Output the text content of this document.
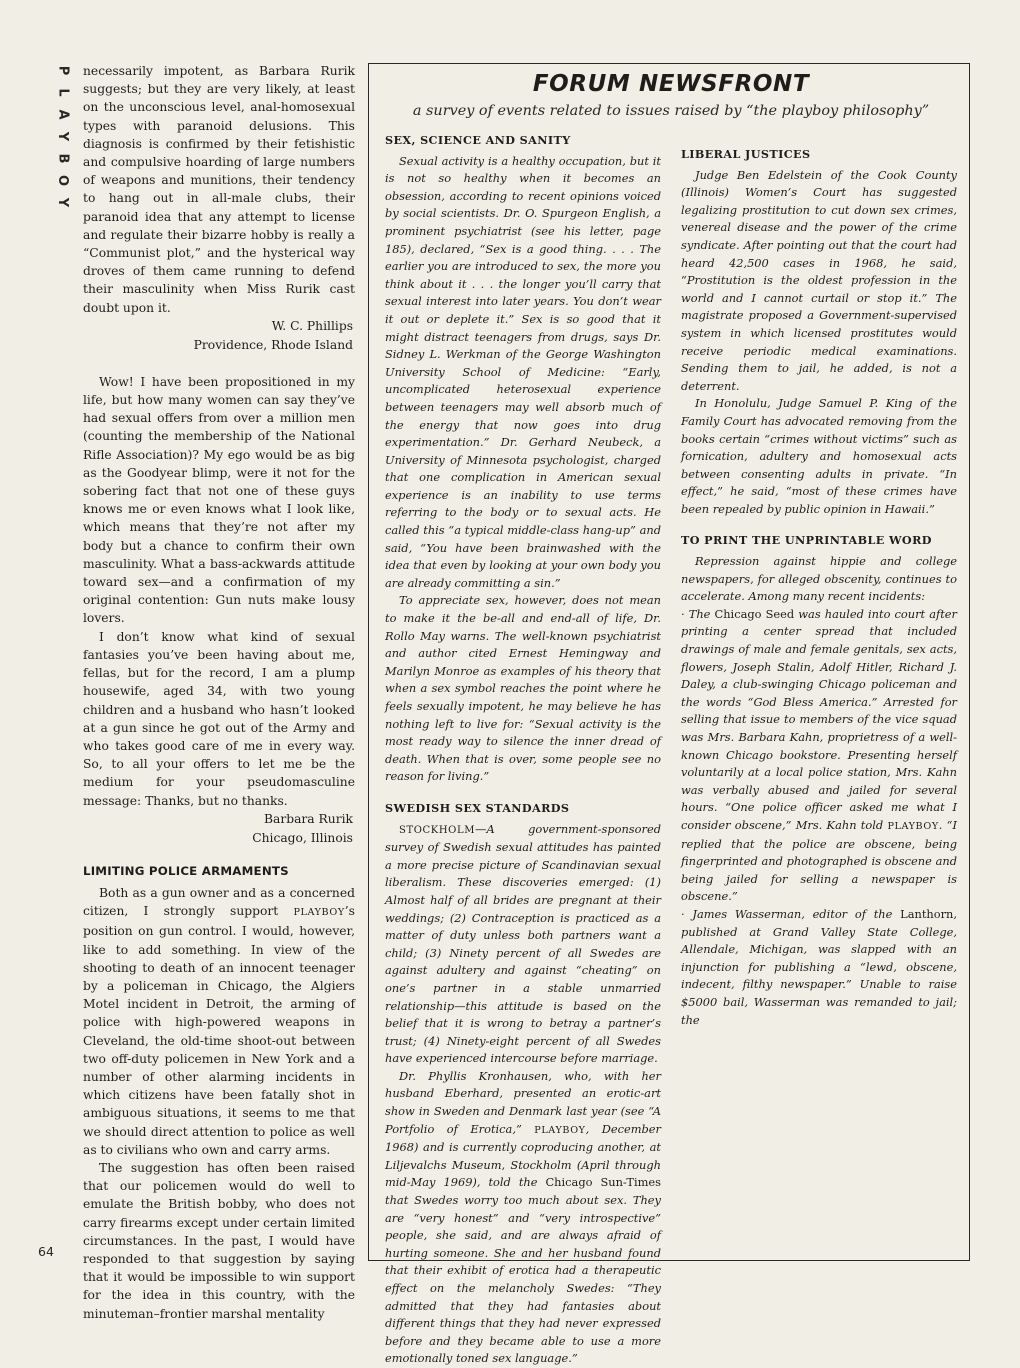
P
L
A
Y
B
O
Y
64

necessarily impotent, as Barbara Rurik suggests; but they are very likely, at least on the unconscious level, anal-homosexual types with paranoid delusions. This diagnosis is confirmed by their fetishistic and compulsive hoarding of large numbers of weapons and munitions, their tendency to hang out in all-male clubs, their paranoid idea that any attempt to license and regulate their bizarre hobby is really a “Communist plot,” and the hysterical way droves of them came running to defend their masculinity when Miss Rurik cast doubt upon it.

W. C. Phillips
Providence, Rhode Island

Wow! I have been propositioned in my life, but how many women can say they’ve had sexual offers from over a million men (counting the membership of the National Rifle Association)? My ego would be as big as the Goodyear blimp, were it not for the sobering fact that not one of these guys knows me or even knows what I look like, which means that they’re not after my body but a chance to confirm their own masculinity. What a bass-ackwards attitude toward sex—and a confirmation of my original contention: Gun nuts make lousy lovers.

I don’t know what kind of sexual fantasies you’ve been having about me, fellas, but for the record, I am a plump housewife, aged 34, with two young children and a husband who hasn’t looked at a gun since he got out of the Army and who takes good care of me in every way. So, to all your offers to let me be the medium for your pseudomasculine message: Thanks, but no thanks.

Barbara Rurik
Chicago, Illinois
LIMITING POLICE ARMAMENTS

Both as a gun owner and as a concerned citizen, I strongly support PLAYBOY’s position on gun control. I would, however, like to add something. In view of the shooting to death of an innocent teenager by a policeman in Chicago, the Algiers Motel incident in Detroit, the arming of police with high-powered weapons in Cleveland, the old-time shoot-out between two off-duty policemen in New York and a number of other alarming incidents in which citizens have been fatally shot in ambiguous situations, it seems to me that we should direct attention to police as well as to civilians who own and carry arms.

The suggestion has often been raised that our policemen would do well to emulate the British bobby, who does not carry firearms except under certain limited circumstances. In the past, I would have responded to that suggestion by saying that it would be impossible to win support for the idea in this country, with the minuteman–frontier marshal mentality

FORUM NEWSFRONT
a survey of events related to issues raised by “the playboy philosophy”
SEX, SCIENCE AND SANITY

Sexual activity is a healthy occupation, but it is not so healthy when it becomes an obsession, according to recent opinions voiced by social scientists. Dr. O. Spurgeon English, a prominent psychiatrist (see his letter, page 185), declared, “Sex is a good thing. . . . The earlier you are introduced to sex, the more you think about it . . . the longer you’ll carry that sexual interest into later years. You don’t wear it out or deplete it.” Sex is so good that it might distract teenagers from drugs, says Dr. Sidney L. Werkman of the George Washington University School of Medicine: “Early, uncomplicated heterosexual experience between teenagers may well absorb much of the energy that now goes into drug experimentation.” Dr. Gerhard Neubeck, a University of Minnesota psychologist, charged that one complication in American sexual experience is an inability to use terms referring to the body or to sexual acts. He called this “a typical middle-class hang-up” and said, “You have been brainwashed with the idea that even by looking at your own body you are already committing a sin.”

To appreciate sex, however, does not mean to make it the be-all and end-all of life, Dr. Rollo May warns. The well-known psychiatrist and author cited Ernest Hemingway and Marilyn Monroe as examples of his theory that when a sex symbol reaches the point where he feels sexually impotent, he may believe he has nothing left to live for: “Sexual activity is the most ready way to silence the inner dread of death. When that is over, some people see no reason for living.”

SWEDISH SEX STANDARDS

STOCKHOLM—A government-sponsored survey of Swedish sexual attitudes has painted a more precise picture of Scandinavian sexual liberalism. These discoveries emerged: (1) Almost half of all brides are pregnant at their weddings; (2) Contraception is practiced as a matter of duty unless both partners want a child; (3) Ninety percent of all Swedes are against adultery and against “cheating” on one’s partner in a stable unmarried relationship—this attitude is based on the belief that it is wrong to betray a partner’s trust; (4) Ninety-eight percent of all Swedes have experienced intercourse before marriage.

Dr. Phyllis Kronhausen, who, with her husband Eberhard, presented an erotic-art show in Sweden and Denmark last year (see “A Portfolio of Erotica,” PLAYBOY, December 1968) and is currently coproducing another, at Liljevalchs Museum, Stockholm (April through mid-May 1969), told the Chicago Sun-Times that Swedes worry too much about sex. They are “very honest” and “very introspective” people, she said, and are always afraid of hurting someone. She and her husband found that their exhibit of erotica had a therapeutic effect on the melancholy Swedes: “They admitted that they had fantasies about different things that they had never expressed before and they became able to use a more emotionally toned sex language.”

LIBERAL JUSTICES

Judge Ben Edelstein of the Cook County (Illinois) Women’s Court has suggested legalizing prostitution to cut down sex crimes, venereal disease and the power of the crime syndicate. After pointing out that the court had heard 42,500 cases in 1968, he said, “Prostitution is the oldest profession in the world and I cannot curtail or stop it.” The magistrate proposed a Government-supervised system in which licensed prostitutes would receive periodic medical examinations. Sending them to jail, he added, is not a deterrent.

In Honolulu, Judge Samuel P. King of the Family Court has advocated removing from the books certain “crimes without victims” such as fornication, adultery and homosexual acts between consenting adults in private. “In effect,” he said, “most of these crimes have been repealed by public opinion in Hawaii.”

TO PRINT THE UNPRINTABLE WORD

Repression against hippie and college newspapers, for alleged obscenity, continues to accelerate. Among many recent incidents:

· The Chicago Seed was hauled into court after printing a center spread that included drawings of male and female genitals, sex acts, flowers, Joseph Stalin, Adolf Hitler, Richard J. Daley, a club-swinging Chicago policeman and the words “God Bless America.” Arrested for selling that issue to members of the vice squad was Mrs. Barbara Kahn, proprietress of a well-known Chicago bookstore. Presenting herself voluntarily at a local police station, Mrs. Kahn was verbally abused and jailed for several hours. “One police officer asked me what I consider obscene,” Mrs. Kahn told PLAYBOY. “I replied that the police are obscene, being fingerprinted and photographed is obscene and being jailed for selling a newspaper is obscene.”

· James Wasserman, editor of the Lanthorn, published at Grand Valley State College, Allendale, Michigan, was slapped with an injunction for publishing a “lewd, obscene, indecent, filthy newspaper.” Unable to raise $5000 bail, Wasserman was remanded to jail; the
